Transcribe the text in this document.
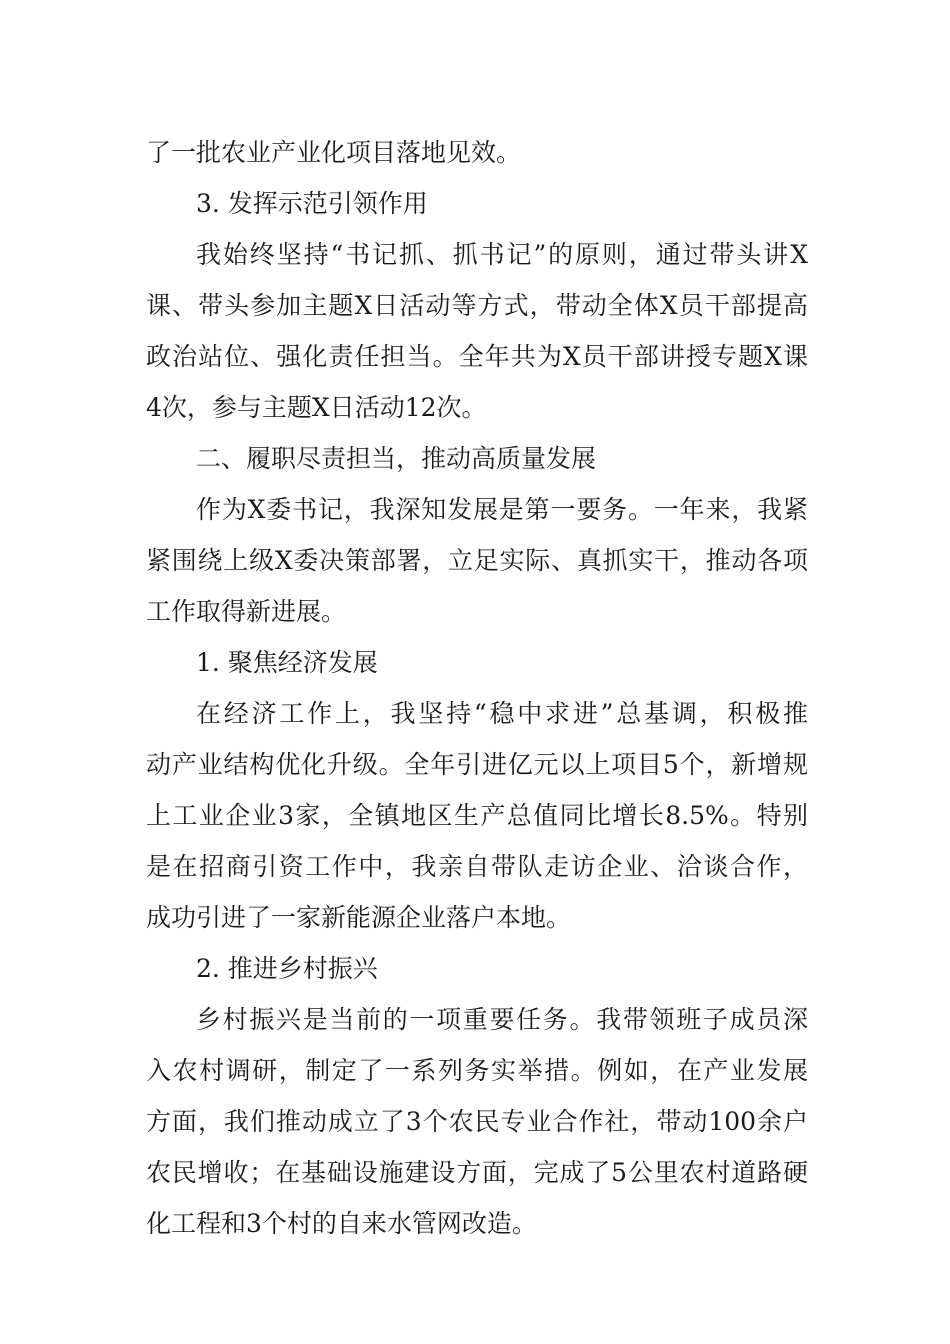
了一批农业产业化项目落地见效。
3. 发挥示范引领作用
我始终坚持“书记抓、抓书记”的原则，通过带头讲X
课、带头参加主题X日活动等方式，带动全体X员干部提高
政治站位、强化责任担当。全年共为X员干部讲授专题X课
4次，参与主题X日活动12次。
二、履职尽责担当，推动高质量发展
作为X委书记，我深知发展是第一要务。一年来，我紧
紧围绕上级X委决策部署，立足实际、真抓实干，推动各项
工作取得新进展。
1. 聚焦经济发展
在经济工作上，我坚持“稳中求进”总基调，积极推
动产业结构优化升级。全年引进亿元以上项目5个，新增规
上工业企业3家，全镇地区生产总值同比增长8.5%。特别
是在招商引资工作中，我亲自带队走访企业、洽谈合作，
成功引进了一家新能源企业落户本地。
2. 推进乡村振兴
乡村振兴是当前的一项重要任务。我带领班子成员深
入农村调研，制定了一系列务实举措。例如，在产业发展
方面，我们推动成立了3个农民专业合作社，带动100余户
农民增收；在基础设施建设方面，完成了5公里农村道路硬
化工程和3个村的自来水管网改造。
